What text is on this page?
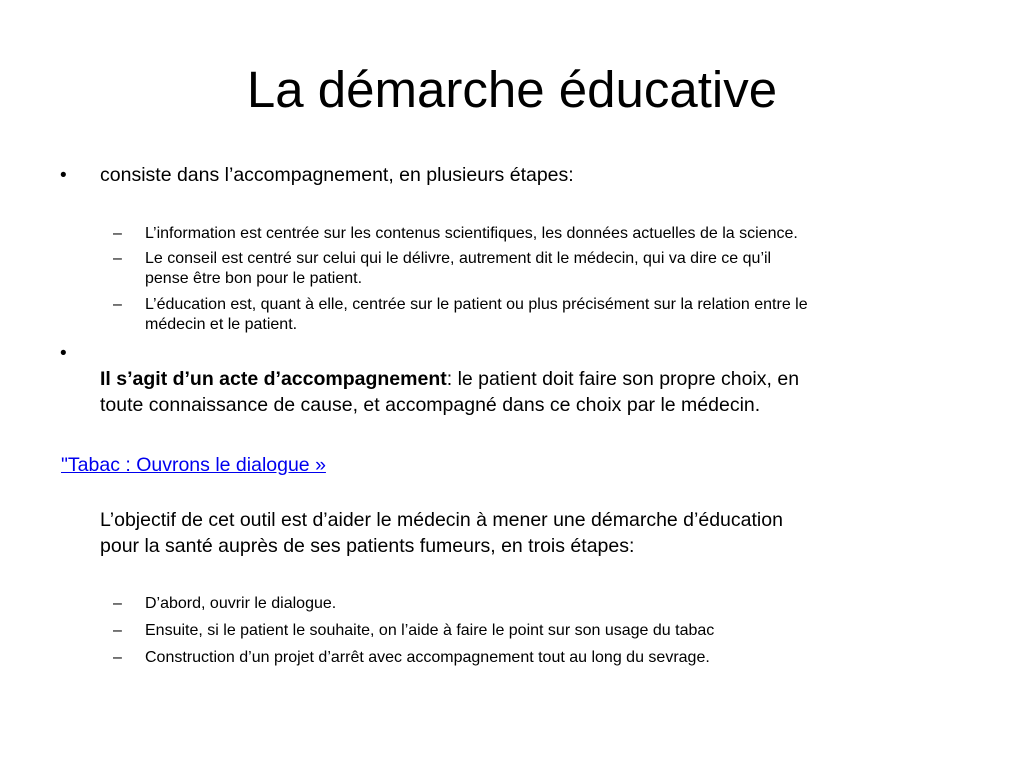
La démarche éducative
• consiste dans l’accompagnement, en plusieurs étapes:
– L’information est centrée sur les contenus scientifiques, les données actuelles de la science.
– Le conseil est centré sur celui qui le délivre, autrement dit le médecin, qui va dire ce qu’il
pense être bon pour le patient.
– L’éducation est, quant à elle, centrée sur le patient ou plus précisément sur la relation entre le
médecin et le patient.
•
Il s’agit d’un acte d’accompagnement: le patient doit faire son propre choix, en
toute connaissance de cause, et accompagné dans ce choix par le médecin.
"Tabac : Ouvrons le dialogue »
L’objectif de cet outil est d’aider le médecin à mener une démarche d’éducation
pour la santé auprès de ses patients fumeurs, en trois étapes:
– D’abord, ouvrir le dialogue.
– Ensuite, si le patient le souhaite, on l’aide à faire le point sur son usage du tabac
– Construction d’un projet d’arrêt avec accompagnement tout au long du sevrage.
